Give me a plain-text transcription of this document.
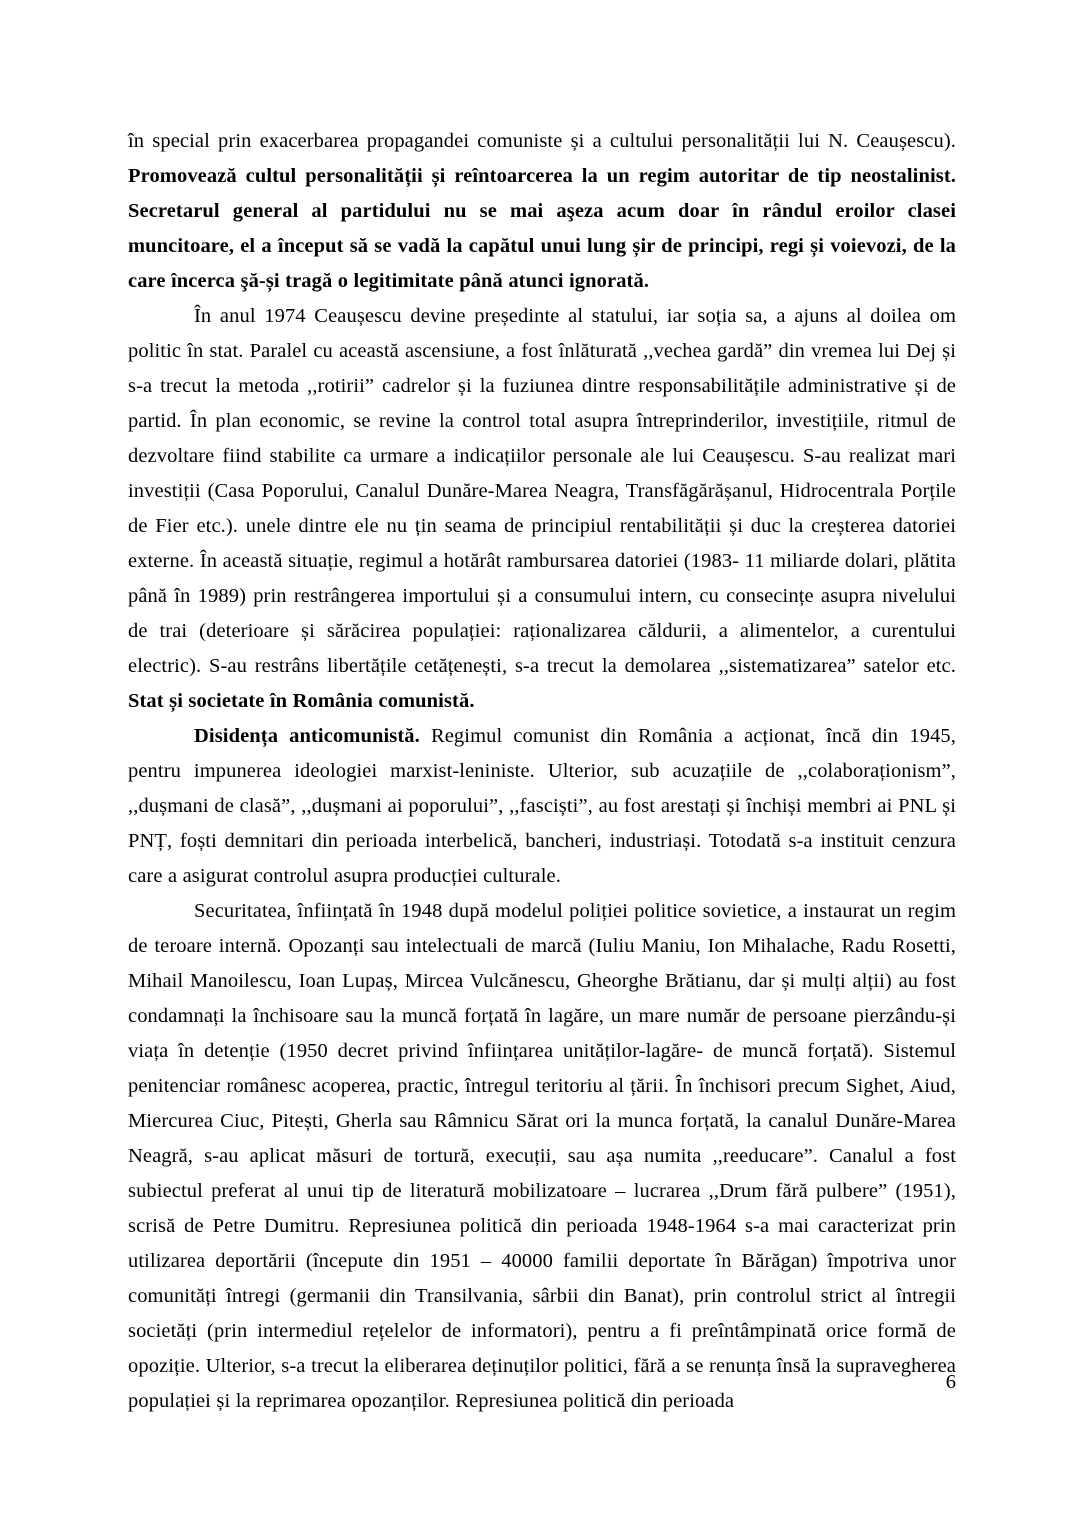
în special prin exacerbarea propagandei comuniste și a cultului personalității lui N. Ceaușescu). Promovează cultul personalității și reîntoarcerea la un regim autoritar de tip neostalinist. Secretarul general al partidului nu se mai aşeza acum doar în rândul eroilor clasei muncitoare, el a început să se vadă la capătul unui lung șir de principi, regi și voievozi, de la care încerca şă-și tragă o legitimitate până atunci ignorată.

În anul 1974 Ceaușescu devine președinte al statului, iar soția sa, a ajuns al doilea om politic în stat. Paralel cu această ascensiune, a fost înlăturată ,,vechea gardă” din vremea lui Dej și s-a trecut la metoda ,,rotirii” cadrelor și la fuziunea dintre responsabilitățile administrative și de partid. În plan economic, se revine la control total asupra întreprinderilor, investițiile, ritmul de dezvoltare fiind stabilite ca urmare a indicațiilor personale ale lui Ceaușescu. S-au realizat mari investiții (Casa Poporului, Canalul Dunăre-Marea Neagra, Transfăgărășanul, Hidrocentrala Porțile de Fier etc.). unele dintre ele nu țin seama de principiul rentabilității și duc la creșterea datoriei externe. În această situație, regimul a hotărât rambursarea datoriei (1983- 11 miliarde dolari, plătita până în 1989) prin restrângerea importului și a consumului intern, cu consecințe asupra nivelului de trai (deterioare și sărăcirea populației: raționalizarea căldurii, a alimentelor, a curentului electric). S-au restrâns libertățile cetățenești, s-a trecut la demolarea ,,sistematizarea” satelor etc. Stat și societate în România comunistă.

Disidența anticomunistă. Regimul comunist din România a acționat, încă din 1945, pentru impunerea ideologiei marxist-leniniste. Ulterior, sub acuzațiile de ,,colaboraționism”, ,,dușmani de clasă”, ,,dușmani ai poporului”, ,,fasciști”, au fost arestați și închiși membri ai PNL și PNȚ, foști demnitari din perioada interbelică, bancheri, industriași. Totodată s-a instituit cenzura care a asigurat controlul asupra producției culturale.

Securitatea, înființată în 1948 după modelul poliției politice sovietice, a instaurat un regim de teroare internă. Opozanți sau intelectuali de marcă (Iuliu Maniu, Ion Mihalache, Radu Rosetti, Mihail Manoilescu, Ioan Lupaș, Mircea Vulcănescu, Gheorghe Brătianu, dar și mulți alții) au fost condamnați la închisoare sau la muncă forțată în lagăre, un mare număr de persoane pierzându-și viața în detenție (1950 decret privind înființarea unităților-lagăre- de muncă forțată). Sistemul penitenciar românesc acoperea, practic, întregul teritoriu al țării. În închisori precum Sighet, Aiud, Miercurea Ciuc, Pitești, Gherla sau Râmnicu Sărat ori la munca forțată, la canalul Dunăre-Marea Neagră, s-au aplicat măsuri de tortură, execuții, sau așa numita ,,reeducare”. Canalul a fost subiectul preferat al unui tip de literatură mobilizatoare – lucrarea ,,Drum fără pulbere” (1951), scrisă de Petre Dumitru. Represiunea politică din perioada 1948-1964 s-a mai caracterizat prin utilizarea deportării (începute din 1951 – 40000 familii deportate în Bărăgan) împotriva unor comunități întregi (germanii din Transilvania, sârbii din Banat), prin controlul strict al întregii societăți (prin intermediul rețelelor de informatori), pentru a fi preîntâmpinată orice formă de opoziție. Ulterior, s-a trecut la eliberarea deținuților politici, fără a se renunța însă la supravegherea populației și la reprimarea opozanților. Represiunea politică din perioada

6
